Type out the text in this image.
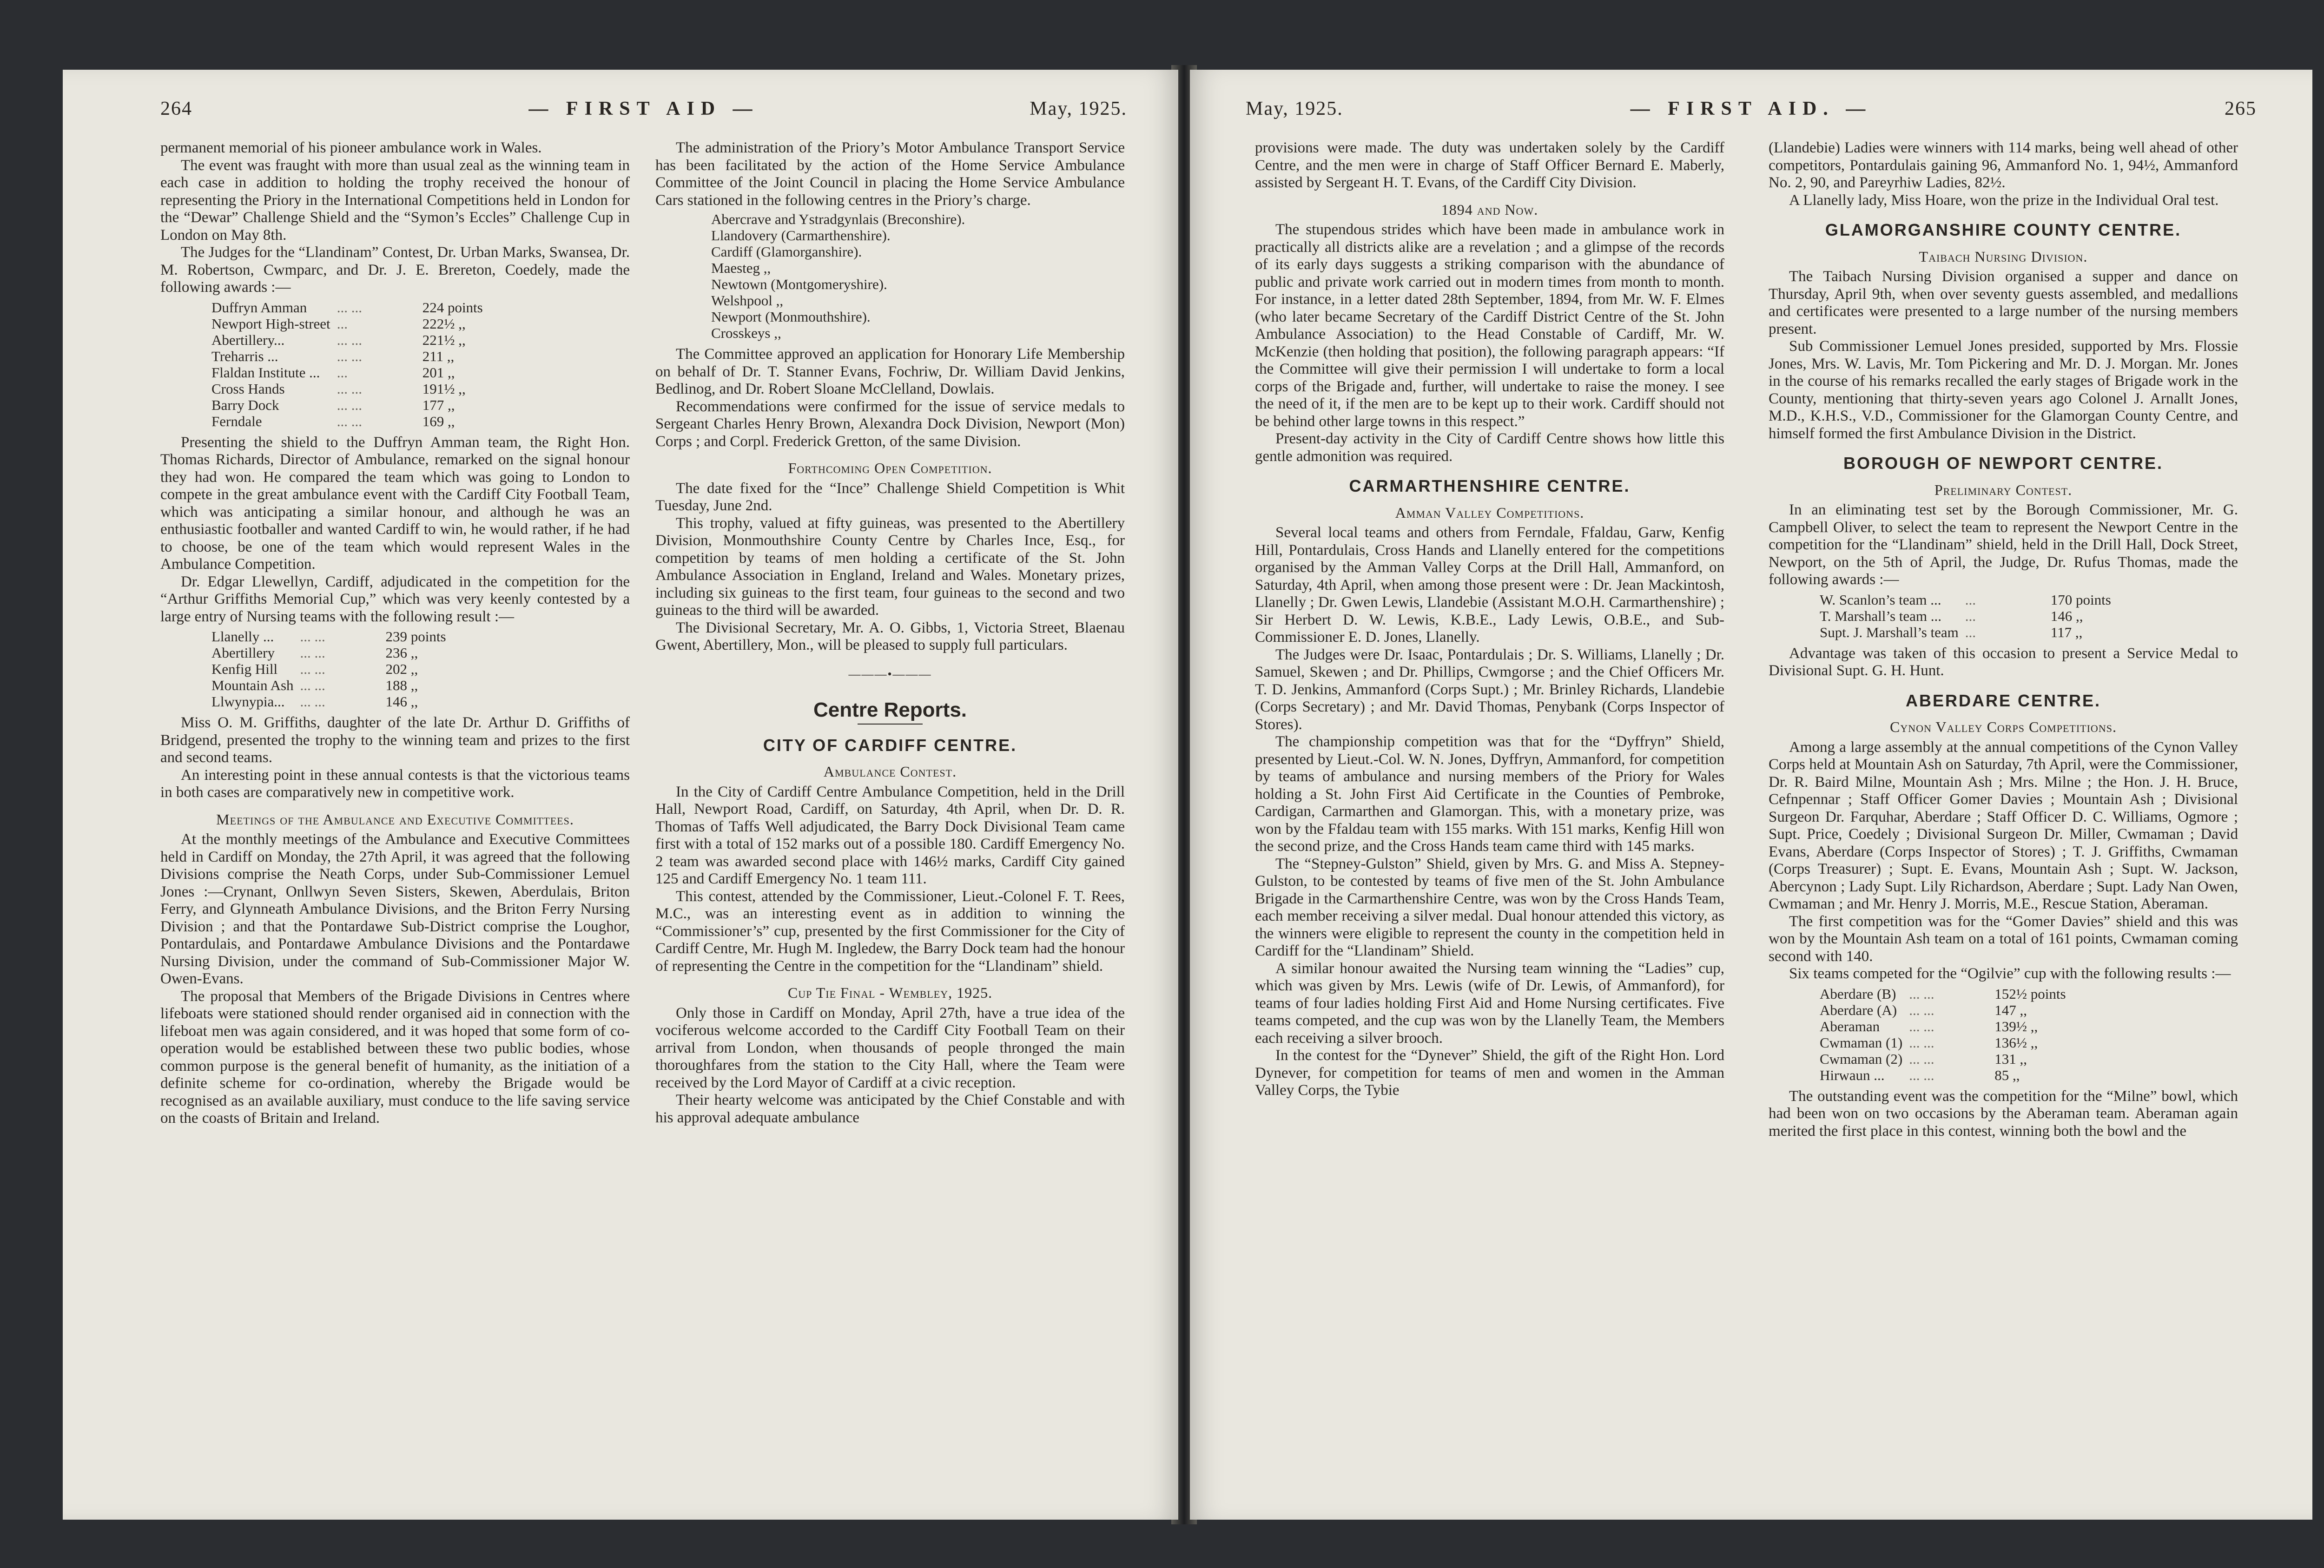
264	— FIRST AID —	May, 1925.

permanent memorial of his pioneer ambulance work in Wales.

The event was fraught with more than usual zeal as the winning team in each case in addition to holding the trophy received the honour of representing the Priory in the International Competitions held in London for the “Dewar” Challenge Shield and the “Symon’s Eccles” Challenge Cup in London on May 8th.

The Judges for the “Llandinam” Contest, Dr. Urban Marks, Swansea, Dr. M. Robertson, Cwmparc, and Dr. J. E. Brereton, Coedely, made the following awards :—

Duffryn Amman	... ...	224 points
Newport High-street	...	222½ ,,
Abertillery...	... ...	221½ ,,
Treharris ...	... ...	211 ,,
Flaldan Institute ...	...	201 ,,
Cross Hands	... ...	191½ ,,
Barry Dock	... ...	177 ,,
Ferndale	... ...	169 ,,

Presenting the shield to the Duffryn Amman team, the Right Hon. Thomas Richards, Director of Ambulance, remarked on the signal honour they had won. He compared the team which was going to London to compete in the great ambulance event with the Cardiff City Football Team, which was anticipating a similar honour, and although he was an enthusiastic footballer and wanted Cardiff to win, he would rather, if he had to choose, be one of the team which would represent Wales in the Ambulance Competition.

Dr. Edgar Llewellyn, Cardiff, adjudicated in the competition for the “Arthur Griffiths Memorial Cup,” which was very keenly contested by a large entry of Nursing teams with the following result :—

Llanelly ...	... ...	239 points
Abertillery	... ...	236 ,,
Kenfig Hill	... ...	202 ,,
Mountain Ash	... ...	188 ,,
Llwynypia...	... ...	146 ,,

Miss O. M. Griffiths, daughter of the late Dr. Arthur D. Griffiths of Bridgend, presented the trophy to the winning team and prizes to the first and second teams.

An interesting point in these annual contests is that the victorious teams in both cases are comparatively new in competitive work.

Meetings of the Ambulance and Executive Committees.

At the monthly meetings of the Ambulance and Executive Committees held in Cardiff on Monday, the 27th April, it was agreed that the following Divisions comprise the Neath Corps, under Sub-Commissioner Lemuel Jones :—Crynant, Onllwyn Seven Sisters, Skewen, Aberdulais, Briton Ferry, and Glynneath Ambulance Divisions, and the Briton Ferry Nursing Division ; and that the Pontardawe Sub-District comprise the Loughor, Pontardulais, and Pontardawe Ambulance Divisions and the Pontardawe Nursing Division, under the command of Sub-Commissioner Major W. Owen-Evans.

The proposal that Members of the Brigade Divisions in Centres where lifeboats were stationed should render organised aid in connection with the lifeboat men was again considered, and it was hoped that some form of co-operation would be established between these two public bodies, whose common purpose is the general benefit of humanity, as the initiation of a definite scheme for co-ordination, whereby the Brigade would be recognised as an available auxiliary, must conduce to the life saving service on the coasts of Britain and Ireland.

The administration of the Priory’s Motor Ambulance Transport Service has been facilitated by the action of the Home Service Ambulance Committee of the Joint Council in placing the Home Service Ambulance Cars stationed in the following centres in the Priory’s charge.

Abercrave and Ystradgynlais (Breconshire).
Llandovery (Carmarthenshire).
Cardiff (Glamorganshire).
Maesteg ,,
Newtown (Montgomeryshire).
Welshpool ,,
Newport (Monmouthshire).
Crosskeys ,,

The Committee approved an application for Honorary Life Membership on behalf of Dr. T. Stanner Evans, Fochriw, Dr. William David Jenkins, Bedlinog, and Dr. Robert Sloane McClelland, Dowlais.

Recommendations were confirmed for the issue of service medals to Sergeant Charles Henry Brown, Alexandra Dock Division, Newport (Mon) Corps ; and Corpl. Frederick Gretton, of the same Division.

Forthcoming Open Competition.

The date fixed for the “Ince” Challenge Shield Competition is Whit Tuesday, June 2nd.

This trophy, valued at fifty guineas, was presented to the Abertillery Division, Monmouthshire County Centre by Charles Ince, Esq., for competition by teams of men holding a certificate of the St. John Ambulance Association in England, Ireland and Wales. Monetary prizes, including six guineas to the first team, four guineas to the second and two guineas to the third will be awarded.

The Divisional Secretary, Mr. A. O. Gibbs, 1, Victoria Street, Blaenau Gwent, Abertillery, Mon., will be pleased to supply full particulars.

———•———
Centre Reports.
CITY OF CARDIFF CENTRE.
Ambulance Contest.

In the City of Cardiff Centre Ambulance Competition, held in the Drill Hall, Newport Road, Cardiff, on Saturday, 4th April, when Dr. D. R. Thomas of Taffs Well adjudicated, the Barry Dock Divisional Team came first with a total of 152 marks out of a possible 180. Cardiff Emergency No. 2 team was awarded second place with 146½ marks, Cardiff City gained 125 and Cardiff Emergency No. 1 team 111.

This contest, attended by the Commissioner, Lieut.-Colonel F. T. Rees, M.C., was an interesting event as in addition to winning the “Commissioner’s” cup, presented by the first Commissioner for the City of Cardiff Centre, Mr. Hugh M. Ingledew, the Barry Dock team had the honour of representing the Centre in the competition for the “Llandinam” shield.

Cup Tie Final - Wembley, 1925.

Only those in Cardiff on Monday, April 27th, have a true idea of the vociferous welcome accorded to the Cardiff City Football Team on their arrival from London, when thousands of people thronged the main thoroughfares from the station to the City Hall, where the Team were received by the Lord Mayor of Cardiff at a civic reception.

Their hearty welcome was anticipated by the Chief Constable and with his approval adequate ambulance

May, 1925.	— FIRST AID. —	265

provisions were made. The duty was undertaken solely by the Cardiff Centre, and the men were in charge of Staff Officer Bernard E. Maberly, assisted by Sergeant H. T. Evans, of the Cardiff City Division.

1894 and Now.

The stupendous strides which have been made in ambulance work in practically all districts alike are a revelation ; and a glimpse of the records of its early days suggests a striking comparison with the abundance of public and private work carried out in modern times from month to month. For instance, in a letter dated 28th September, 1894, from Mr. W. F. Elmes (who later became Secretary of the Cardiff District Centre of the St. John Ambulance Association) to the Head Constable of Cardiff, Mr. W. McKenzie (then holding that position), the following paragraph appears: “If the Committee will give their permission I will undertake to form a local corps of the Brigade and, further, will undertake to raise the money. I see the need of it, if the men are to be kept up to their work. Cardiff should not be behind other large towns in this respect.”

Present-day activity in the City of Cardiff Centre shows how little this gentle admonition was required.

CARMARTHENSHIRE CENTRE.
Amman Valley Competitions.

Several local teams and others from Ferndale, Ffaldau, Garw, Kenfig Hill, Pontardulais, Cross Hands and Llanelly entered for the competitions organised by the Amman Valley Corps at the Drill Hall, Ammanford, on Saturday, 4th April, when among those present were : Dr. Jean Mackintosh, Llanelly ; Dr. Gwen Lewis, Llandebie (Assistant M.O.H. Carmarthenshire) ; Sir Herbert D. W. Lewis, K.B.E., Lady Lewis, O.B.E., and Sub-Commissioner E. D. Jones, Llanelly.

The Judges were Dr. Isaac, Pontardulais ; Dr. S. Williams, Llanelly ; Dr. Samuel, Skewen ; and Dr. Phillips, Cwmgorse ; and the Chief Officers Mr. T. D. Jenkins, Ammanford (Corps Supt.) ; Mr. Brinley Richards, Llandebie (Corps Secretary) ; and Mr. David Thomas, Penybank (Corps Inspector of Stores).

The championship competition was that for the “Dyffryn” Shield, presented by Lieut.-Col. W. N. Jones, Dyffryn, Ammanford, for competition by teams of ambulance and nursing members of the Priory for Wales holding a St. John First Aid Certificate in the Counties of Pembroke, Cardigan, Carmarthen and Glamorgan. This, with a monetary prize, was won by the Ffaldau team with 155 marks. With 151 marks, Kenfig Hill won the second prize, and the Cross Hands team came third with 145 marks.

The “Stepney-Gulston” Shield, given by Mrs. G. and Miss A. Stepney-Gulston, to be contested by teams of five men of the St. John Ambulance Brigade in the Carmarthenshire Centre, was won by the Cross Hands Team, each member receiving a silver medal. Dual honour attended this victory, as the winners were eligible to represent the county in the competition held in Cardiff for the “Llandinam” Shield.

A similar honour awaited the Nursing team winning the “Ladies” cup, which was given by Mrs. Lewis (wife of Dr. Lewis, of Ammanford), for teams of four ladies holding First Aid and Home Nursing certificates. Five teams competed, and the cup was won by the Llanelly Team, the Members each receiving a silver brooch.

In the contest for the “Dynever” Shield, the gift of the Right Hon. Lord Dynever, for competition for teams of men and women in the Amman Valley Corps, the Tybie

(Llandebie) Ladies were winners with 114 marks, being well ahead of other competitors, Pontardulais gaining 96, Ammanford No. 1, 94½, Ammanford No. 2, 90, and Pareyrhiw Ladies, 82½.

A Llanelly lady, Miss Hoare, won the prize in the Individual Oral test.

GLAMORGANSHIRE COUNTY CENTRE.
Taibach Nursing Division.

The Taibach Nursing Division organised a supper and dance on Thursday, April 9th, when over seventy guests assembled, and medallions and certificates were presented to a large number of the nursing members present.

Sub Commissioner Lemuel Jones presided, supported by Mrs. Flossie Jones, Mrs. W. Lavis, Mr. Tom Pickering and Mr. D. J. Morgan. Mr. Jones in the course of his remarks recalled the early stages of Brigade work in the County, mentioning that thirty-seven years ago Colonel J. Arnallt Jones, M.D., K.H.S., V.D., Commissioner for the Glamorgan County Centre, and himself formed the first Ambulance Division in the District.

BOROUGH OF NEWPORT CENTRE.
Preliminary Contest.

In an eliminating test set by the Borough Commissioner, Mr. G. Campbell Oliver, to select the team to represent the Newport Centre in the competition for the “Llandinam” shield, held in the Drill Hall, Dock Street, Newport, on the 5th of April, the Judge, Dr. Rufus Thomas, made the following awards :—

W. Scanlon’s team ...	...	170 points
T. Marshall’s team ...	...	146 ,,
Supt. J. Marshall’s team	...	117 ,,

Advantage was taken of this occasion to present a Service Medal to Divisional Supt. G. H. Hunt.

ABERDARE CENTRE.
Cynon Valley Corps Competitions.

Among a large assembly at the annual competitions of the Cynon Valley Corps held at Mountain Ash on Saturday, 7th April, were the Commissioner, Dr. R. Baird Milne, Mountain Ash ; Mrs. Milne ; the Hon. J. H. Bruce, Cefnpennar ; Staff Officer Gomer Davies ; Mountain Ash ; Divisional Surgeon Dr. Farquhar, Aberdare ; Staff Officer D. C. Williams, Ogmore ; Supt. Price, Coedely ; Divisional Surgeon Dr. Miller, Cwmaman ; David Evans, Aberdare (Corps Inspector of Stores) ; T. J. Griffiths, Cwmaman (Corps Treasurer) ; Supt. E. Evans, Mountain Ash ; Supt. W. Jackson, Abercynon ; Lady Supt. Lily Richardson, Aberdare ; Supt. Lady Nan Owen, Cwmaman ; and Mr. Henry J. Morris, M.E., Rescue Station, Aberaman.

The first competition was for the “Gomer Davies” shield and this was won by the Mountain Ash team on a total of 161 points, Cwmaman coming second with 140.

Six teams competed for the “Ogilvie” cup with the following results :—

Aberdare (B)	... ...	152½ points
Aberdare (A)	... ...	147 ,,
Aberaman	... ...	139½ ,,
Cwmaman (1)	... ...	136½ ,,
Cwmaman (2)	... ...	131 ,,
Hirwaun ...	... ...	85 ,,

The outstanding event was the competition for the “Milne” bowl, which had been won on two occasions by the Aberaman team. Aberaman again merited the first place in this contest, winning both the bowl and the
